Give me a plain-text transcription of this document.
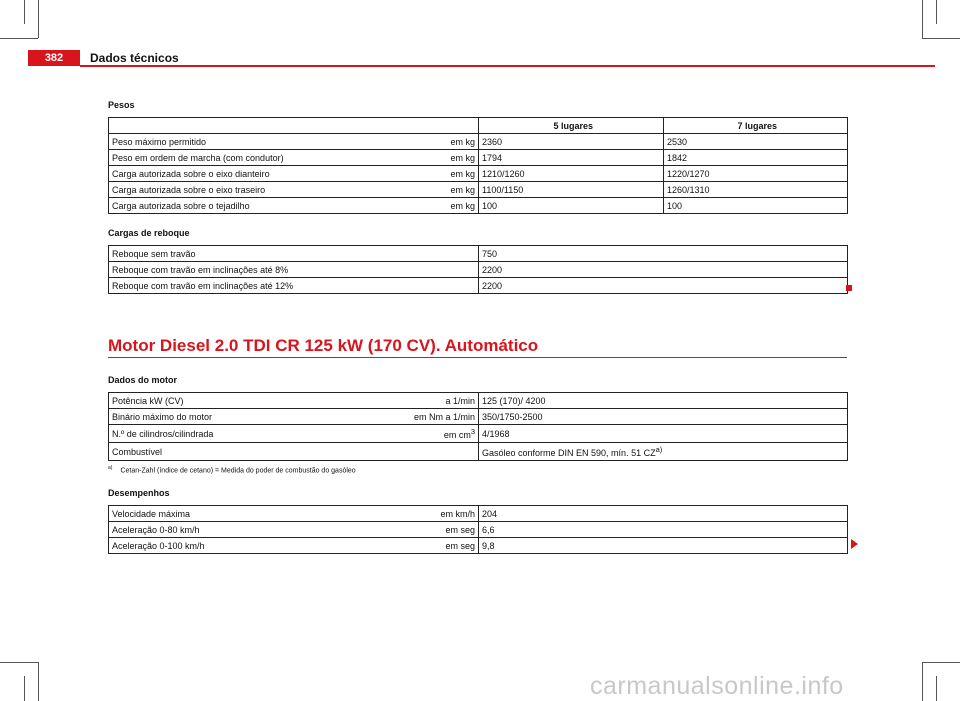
382	Dados técnicos
Pesos
		5 lugares	7 lugares
Peso máximo permitido	em kg	2360	2530
Peso em ordem de marcha (com condutor)	em kg	1794	1842
Carga autorizada sobre o eixo dianteiro	em kg	1210/1260	1220/1270
Carga autorizada sobre o eixo traseiro	em kg	1100/1150	1260/1310
Carga autorizada sobre o tejadilho	em kg	100	100
Cargas de reboque
Reboque sem travão	750
Reboque com travão em inclinações até 8%	2200
Reboque com travão em inclinações até 12%	2200
Motor Diesel 2.0 TDI CR 125 kW (170 CV). Automático
Dados do motor
Potência kW (CV)	a 1/min	125 (170)/ 4200
Binário máximo do motor	em Nm a 1/min	350/1750-2500
N.º de cilindros/cilindrada	em $cm^3$	4/1968
Combustível		Gasóleo conforme DIN EN 590, mín. 51 CZ$^{a)}$
$^{a)}$ Cetan-Zahl (índice de cetano) = Medida do poder de combustão do gasóleo
Desempenhos
Velocidade máxima	em km/h	204
Aceleração 0-80 km/h	em seg	6,6
Aceleração 0-100 km/h	em seg	9,8
carmanualsonline.info
